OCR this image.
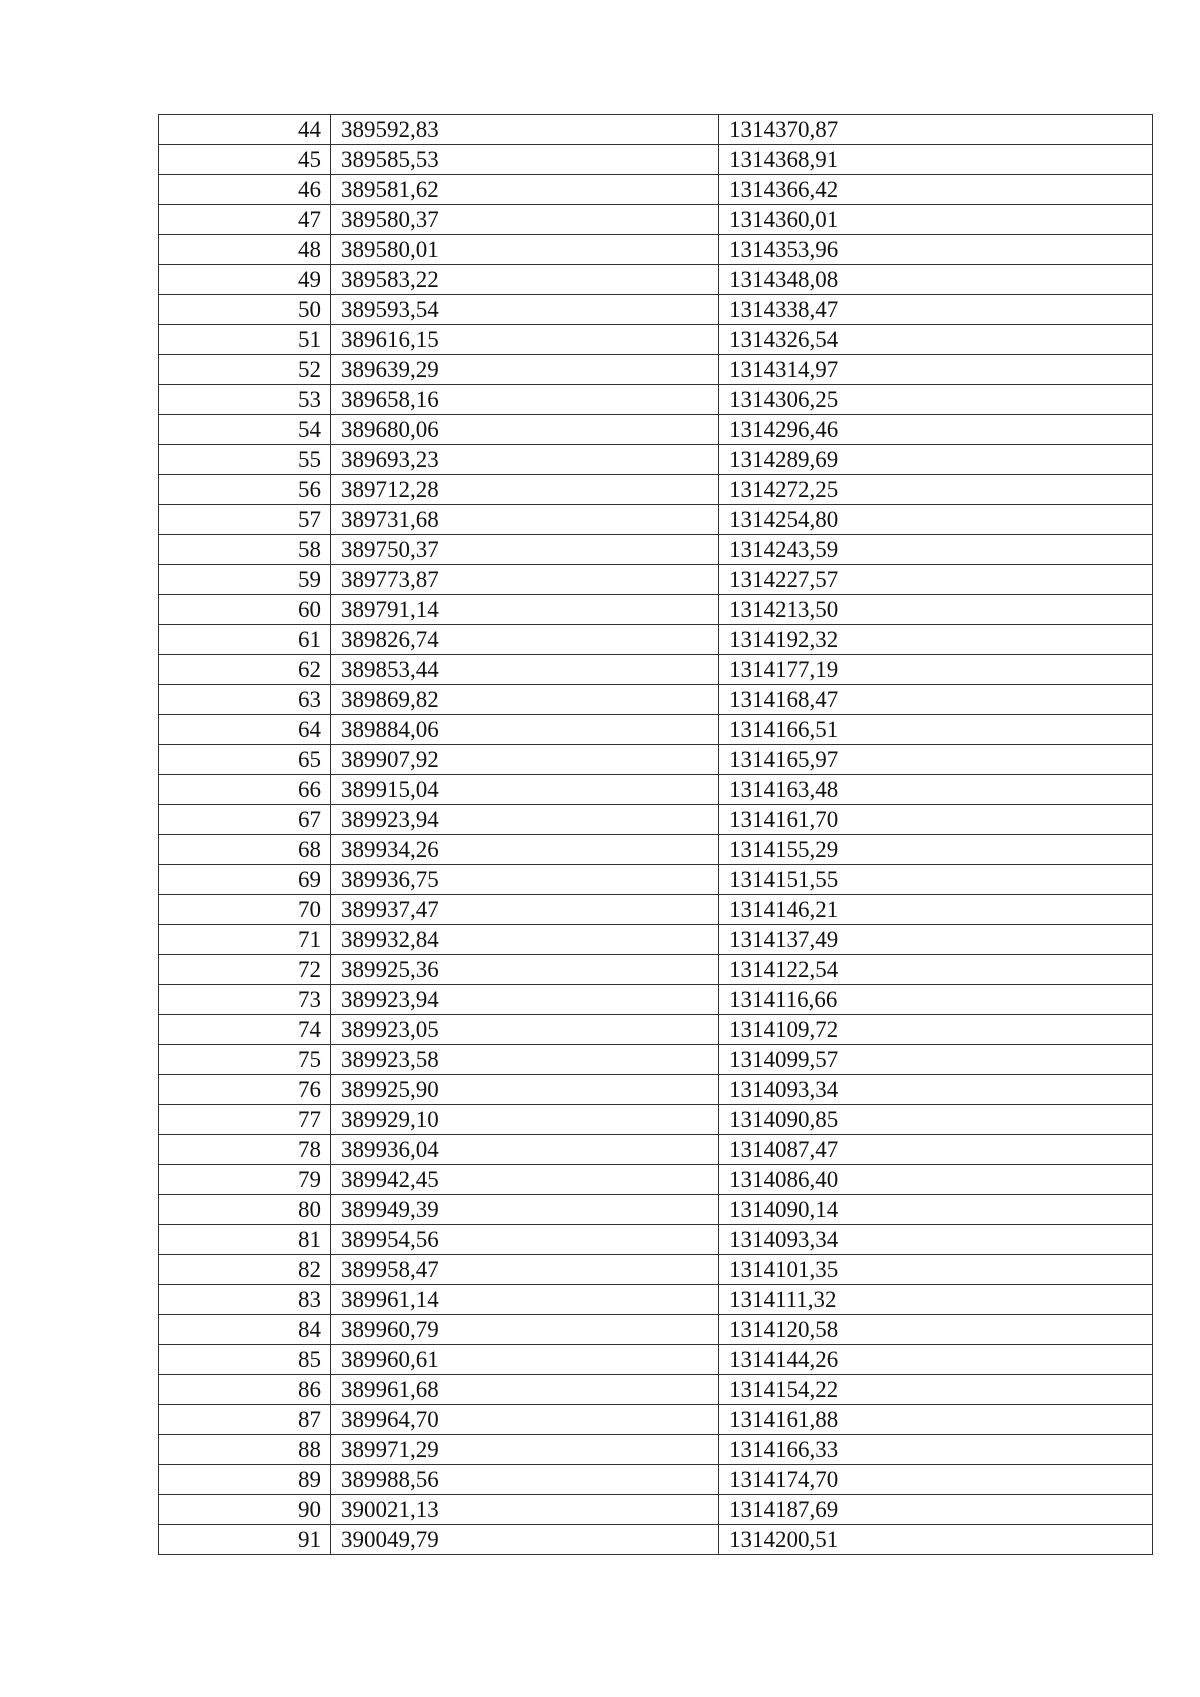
44	389592,83	1314370,87
45	389585,53	1314368,91
46	389581,62	1314366,42
47	389580,37	1314360,01
48	389580,01	1314353,96
49	389583,22	1314348,08
50	389593,54	1314338,47
51	389616,15	1314326,54
52	389639,29	1314314,97
53	389658,16	1314306,25
54	389680,06	1314296,46
55	389693,23	1314289,69
56	389712,28	1314272,25
57	389731,68	1314254,80
58	389750,37	1314243,59
59	389773,87	1314227,57
60	389791,14	1314213,50
61	389826,74	1314192,32
62	389853,44	1314177,19
63	389869,82	1314168,47
64	389884,06	1314166,51
65	389907,92	1314165,97
66	389915,04	1314163,48
67	389923,94	1314161,70
68	389934,26	1314155,29
69	389936,75	1314151,55
70	389937,47	1314146,21
71	389932,84	1314137,49
72	389925,36	1314122,54
73	389923,94	1314116,66
74	389923,05	1314109,72
75	389923,58	1314099,57
76	389925,90	1314093,34
77	389929,10	1314090,85
78	389936,04	1314087,47
79	389942,45	1314086,40
80	389949,39	1314090,14
81	389954,56	1314093,34
82	389958,47	1314101,35
83	389961,14	1314111,32
84	389960,79	1314120,58
85	389960,61	1314144,26
86	389961,68	1314154,22
87	389964,70	1314161,88
88	389971,29	1314166,33
89	389988,56	1314174,70
90	390021,13	1314187,69
91	390049,79	1314200,51
